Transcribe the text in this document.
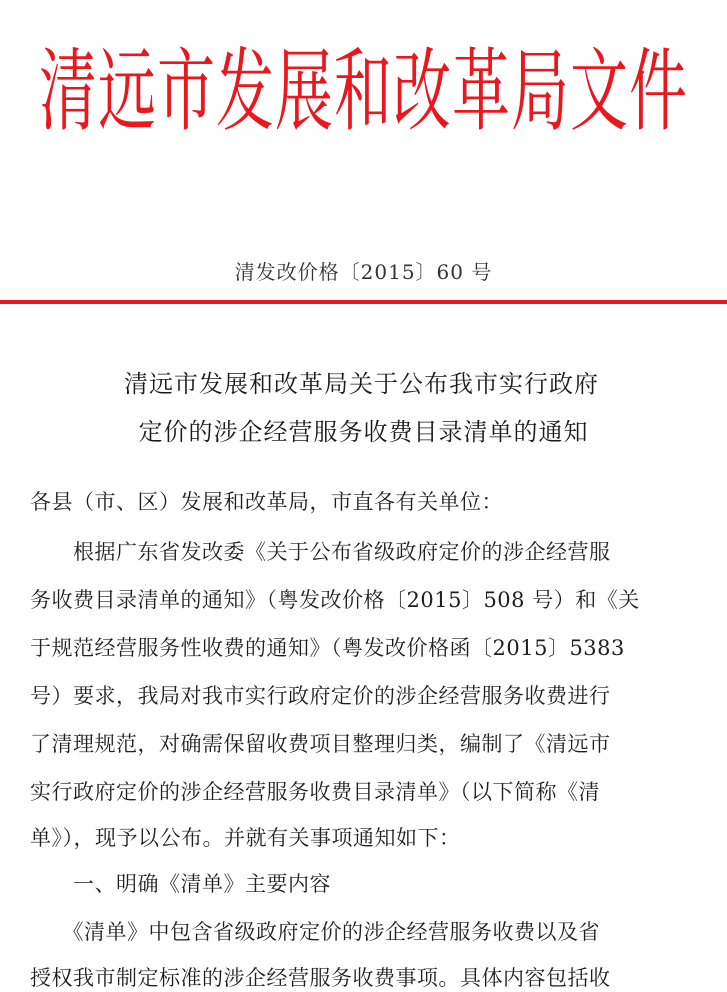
清远市发展和改革局文件
清发改价格〔2015〕60 号
清远市发展和改革局关于公布我市实行政府
定价的涉企经营服务收费目录清单的通知
各县（市、区）发展和改革局，市直各有关单位：
　　根据广东省发改委《关于公布省级政府定价的涉企经营服
务收费目录清单的通知》（粤发改价格〔2015〕508 号）和《关
于规范经营服务性收费的通知》（粤发改价格函〔2015〕5383
号）要求，我局对我市实行政府定价的涉企经营服务收费进行
了清理规范，对确需保留收费项目整理归类，编制了《清远市
实行政府定价的涉企经营服务收费目录清单》（以下简称《清
单》），现予以公布。并就有关事项通知如下：
　　一、明确《清单》主要内容
　　《清单》中包含省级政府定价的涉企经营服务收费以及省
授权我市制定标准的涉企经营服务收费事项。具体内容包括收
